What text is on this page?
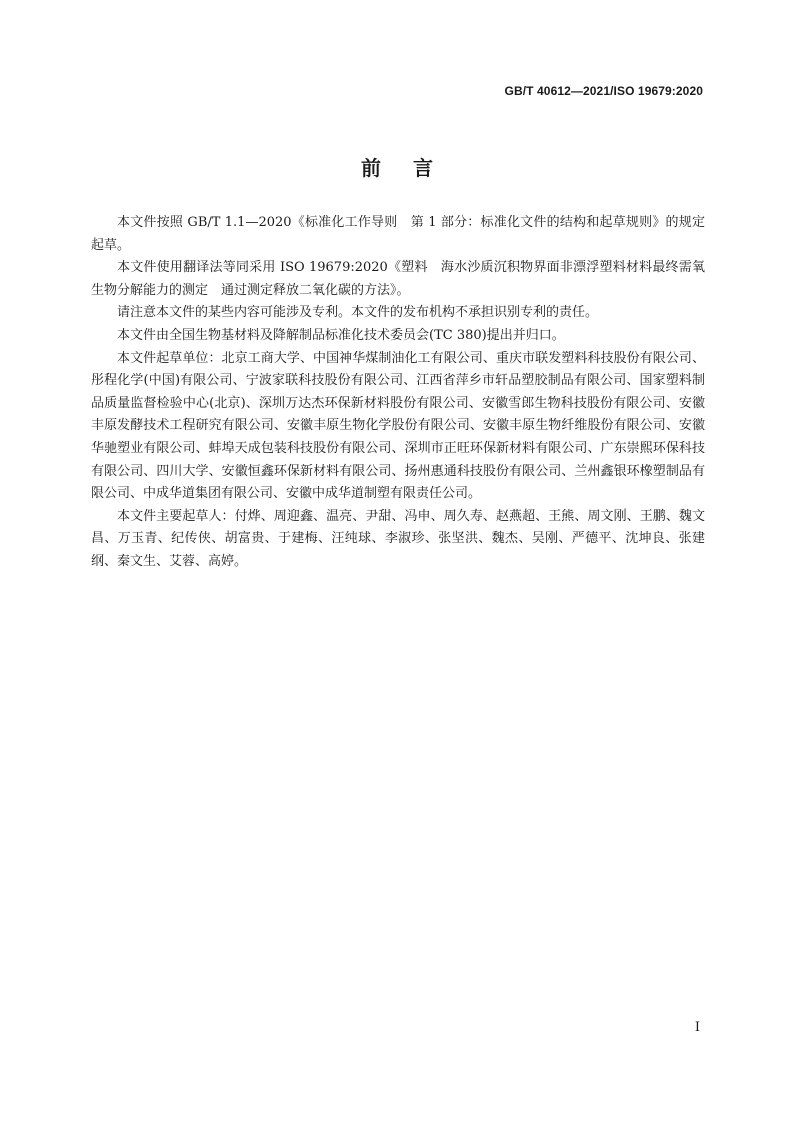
GB/T 40612—2021/ISO 19679:2020
前言

本文件按照 GB/T 1.1—2020《标准化工作导则　第 1 部分：标准化文件的结构和起草规则》的规定起草。

本文件使用翻译法等同采用 ISO 19679:2020《塑料　海水沙质沉积物界面非漂浮塑料材料最终需氧生物分解能力的测定　通过测定释放二氧化碳的方法》。

请注意本文件的某些内容可能涉及专利。本文件的发布机构不承担识别专利的责任。

本文件由全国生物基材料及降解制品标准化技术委员会(TC 380)提出并归口。

本文件起草单位：北京工商大学、中国神华煤制油化工有限公司、重庆市联发塑料科技股份有限公司、彤程化学(中国)有限公司、宁波家联科技股份有限公司、江西省萍乡市轩品塑胶制品有限公司、国家塑料制品质量监督检验中心(北京)、深圳万达杰环保新材料股份有限公司、安徽雪郎生物科技股份有限公司、安徽丰原发酵技术工程研究有限公司、安徽丰原生物化学股份有限公司、安徽丰原生物纤维股份有限公司、安徽华驰塑业有限公司、蚌埠天成包装科技股份有限公司、深圳市正旺环保新材料有限公司、广东崇熙环保科技有限公司、四川大学、安徽恒鑫环保新材料有限公司、扬州惠通科技股份有限公司、兰州鑫银环橡塑制品有限公司、中成华道集团有限公司、安徽中成华道制塑有限责任公司。

本文件主要起草人：付烨、周迎鑫、温亮、尹甜、冯申、周久寿、赵燕超、王熊、周文刚、王鹏、魏文昌、万玉青、纪传侠、胡富贵、于建梅、汪纯球、李淑珍、张坚洪、魏杰、吴刚、严德平、沈坤良、张建纲、秦文生、艾蓉、高婷。

I
